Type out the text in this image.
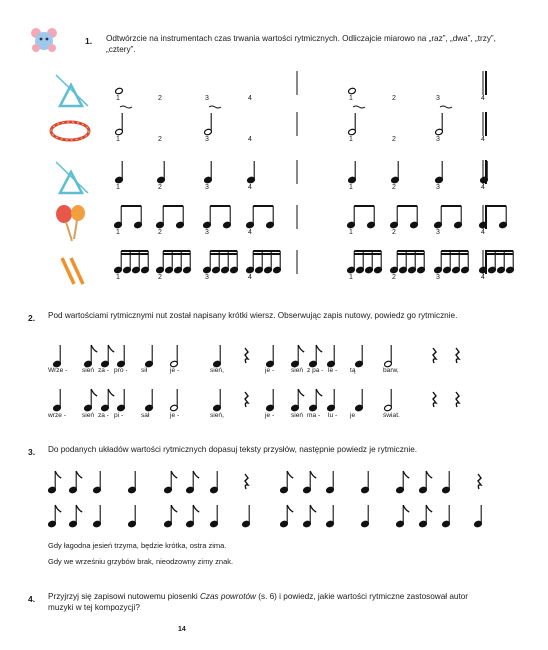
1. Odtwórzcie na instrumentach czas trwania wartości rytmicznych. Odliczajcie miarowo na „raz”, „dwa”, „trzy”, „cztery”.
1	2	3	4	1	2	3	4
1	2	3	4	1	2	3	4
1	2	3	4	1	2	3	4
1	2	3	4	1	2	3	4
1	2	3	4	1	2	3	4
2. Pod wartościami rytmicznymi nut został napisany krótki wiersz. Obserwując zapis nutowy, powiedz go rytmicznie.
Wrze - sień za - pro - sił	je -	sień,	je -	sień z pa - le - tą	barw,
wrze - sień za - pi -	sał	je -	sień,	je -	sień ma - lu - je	świat.
3. Do podanych układów wartości rytmicznych dopasuj teksty przysłów, następnie powiedz je rytmicznie.
Gdy łagodna jesień trzyma, będzie krótka, ostra zima.
Gdy we wrześniu grzybów brak, nieodzowny zimy znak.
4. Przyjrzyj się zapisowi nutowemu piosenki Czas powrotów (s. 6) i powiedz, jakie wartości rytmiczne zastosował autor muzyki w tej kompozycji?
14
